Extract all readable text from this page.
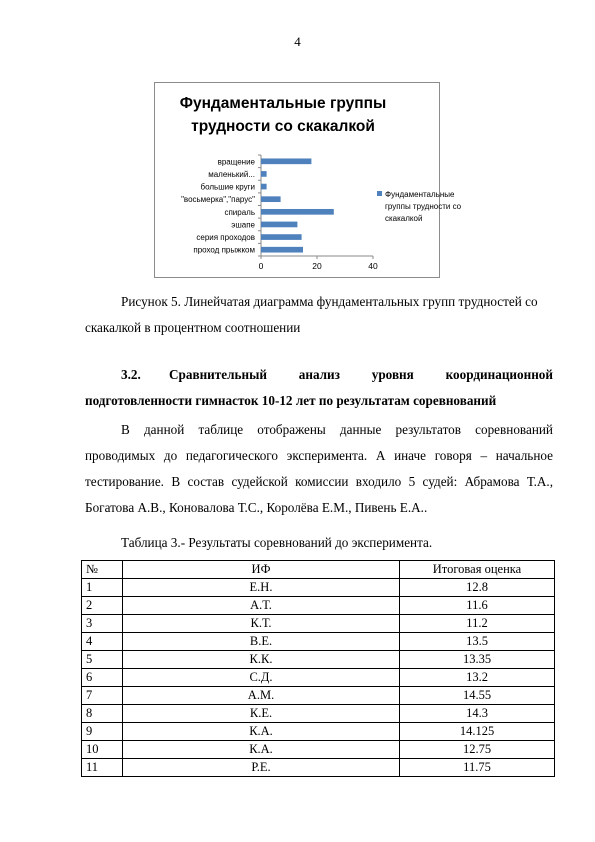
4
Фундаментальные группы
трудности со скакалкой
проход прыжком
серия проходов
эшапе
спираль
"восьмерка","парус"
большие круги
маленький...
вращение
0	20	40
Фундаментальные
группы трудности со
скакалкой

Рисунок 5. Линейчатая диаграмма фундаментальных групп трудностей со скакалкой в процентном соотношении

3.2. Сравнительный анализ уровня координационной подготовленности гимнасток 10-12 лет по результатам соревнований

В данной таблице отображены данные результатов соревнований проводимых до педагогического эксперимента. А иначе говоря – начальное тестирование. В состав судейской комиссии входило 5 судей: Абрамова Т.А., Богатова А.В., Коновалова Т.С., Королёва Е.М., Пивень Е.А..

Таблица 3.- Результаты соревнований до эксперимента.

№	ИФ	Итоговая оценка
1	Е.Н.	12.8
2	А.Т.	11.6
3	К.Т.	11.2
4	В.Е.	13.5
5	К.К.	13.35
6	С.Д.	13.2
7	А.М.	14.55
8	К.Е.	14.3
9	К.А.	14.125
10	К.А.	12.75
11	Р.Е.	11.75
